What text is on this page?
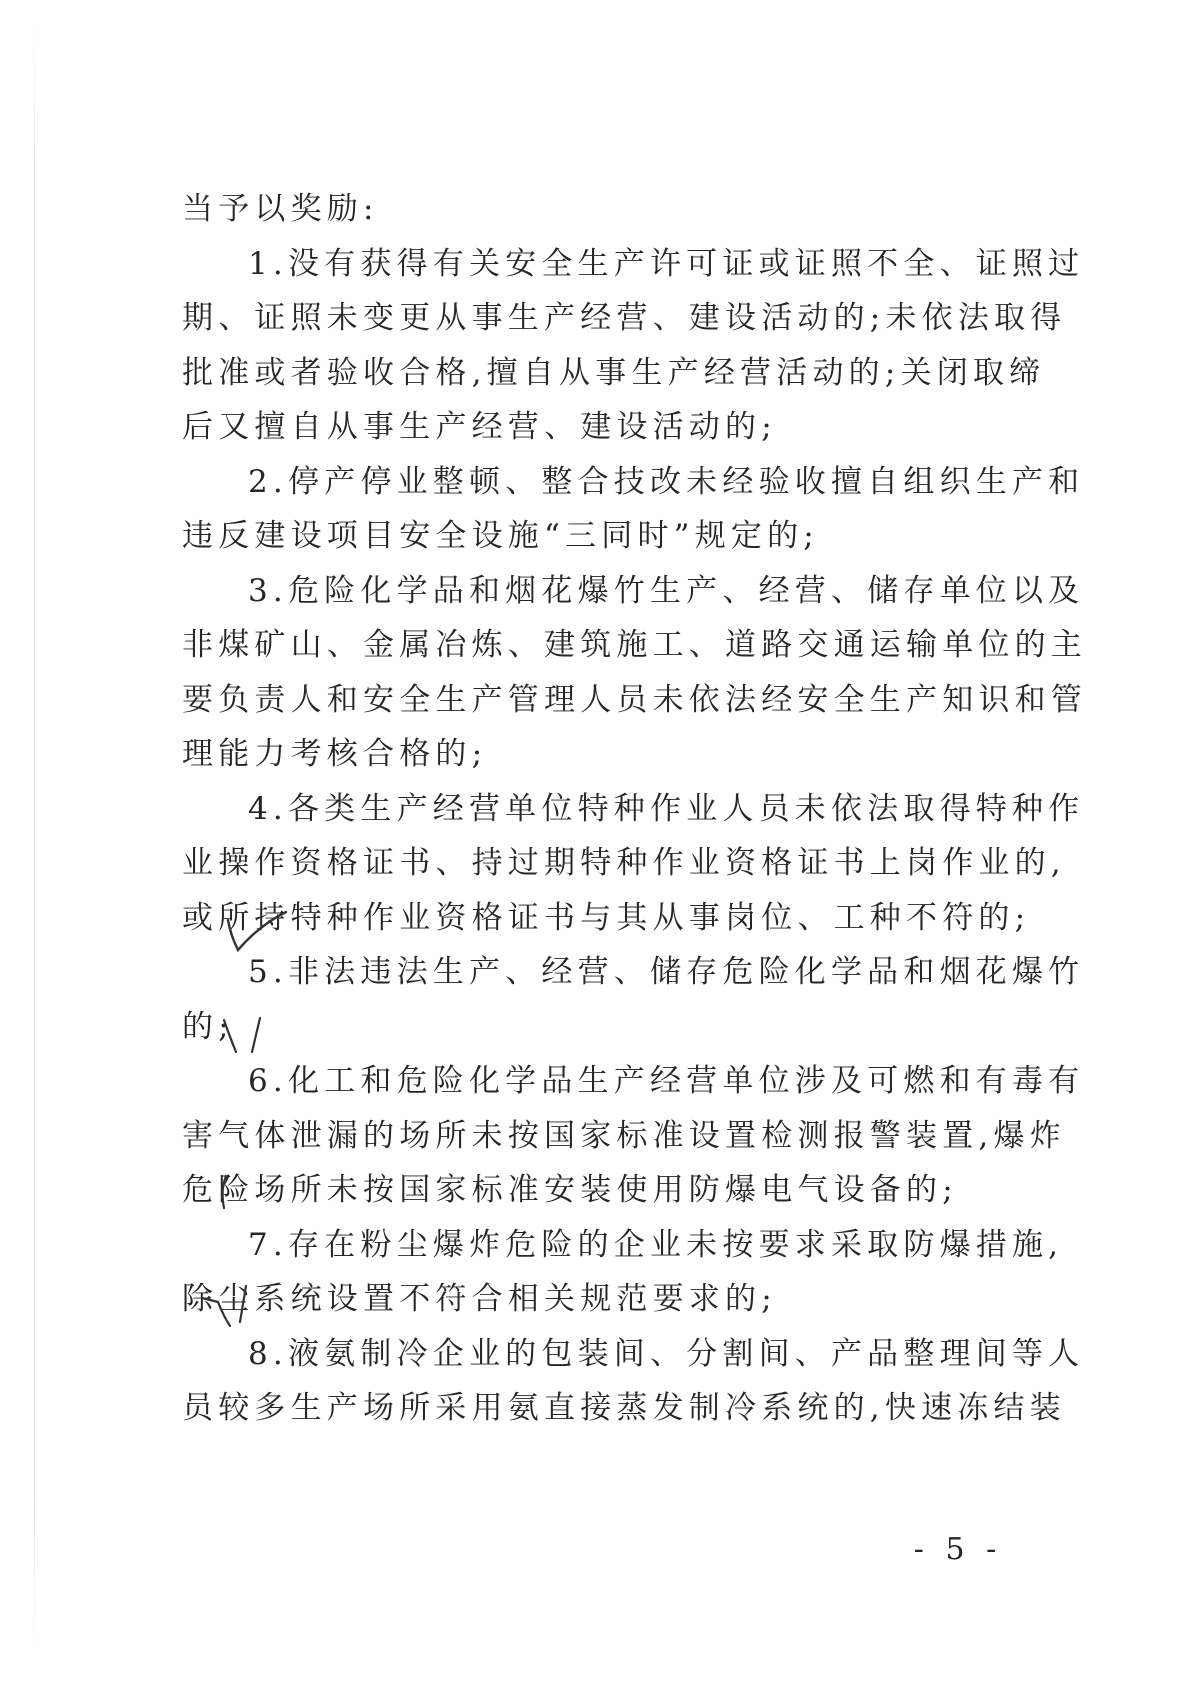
当予以奖励:
1.没有获得有关安全生产许可证或证照不全、证照过
期、证照未变更从事生产经营、建设活动的;未依法取得
批准或者验收合格,擅自从事生产经营活动的;关闭取缔
后又擅自从事生产经营、建设活动的;
2.停产停业整顿、整合技改未经验收擅自组织生产和
违反建设项目安全设施“三同时”规定的;
3.危险化学品和烟花爆竹生产、经营、储存单位以及
非煤矿山、金属冶炼、建筑施工、道路交通运输单位的主
要负责人和安全生产管理人员未依法经安全生产知识和管
理能力考核合格的;
4.各类生产经营单位特种作业人员未依法取得特种作
业操作资格证书、持过期特种作业资格证书上岗作业的,
或所持特种作业资格证书与其从事岗位、工种不符的;
5.非法违法生产、经营、储存危险化学品和烟花爆竹
的;
6.化工和危险化学品生产经营单位涉及可燃和有毒有
害气体泄漏的场所未按国家标准设置检测报警装置,爆炸
危险场所未按国家标准安装使用防爆电气设备的;
7.存在粉尘爆炸危险的企业未按要求采取防爆措施,
除尘系统设置不符合相关规范要求的;
8.液氨制冷企业的包装间、分割间、产品整理间等人
员较多生产场所采用氨直接蒸发制冷系统的,快速冻结装
- 5 -
